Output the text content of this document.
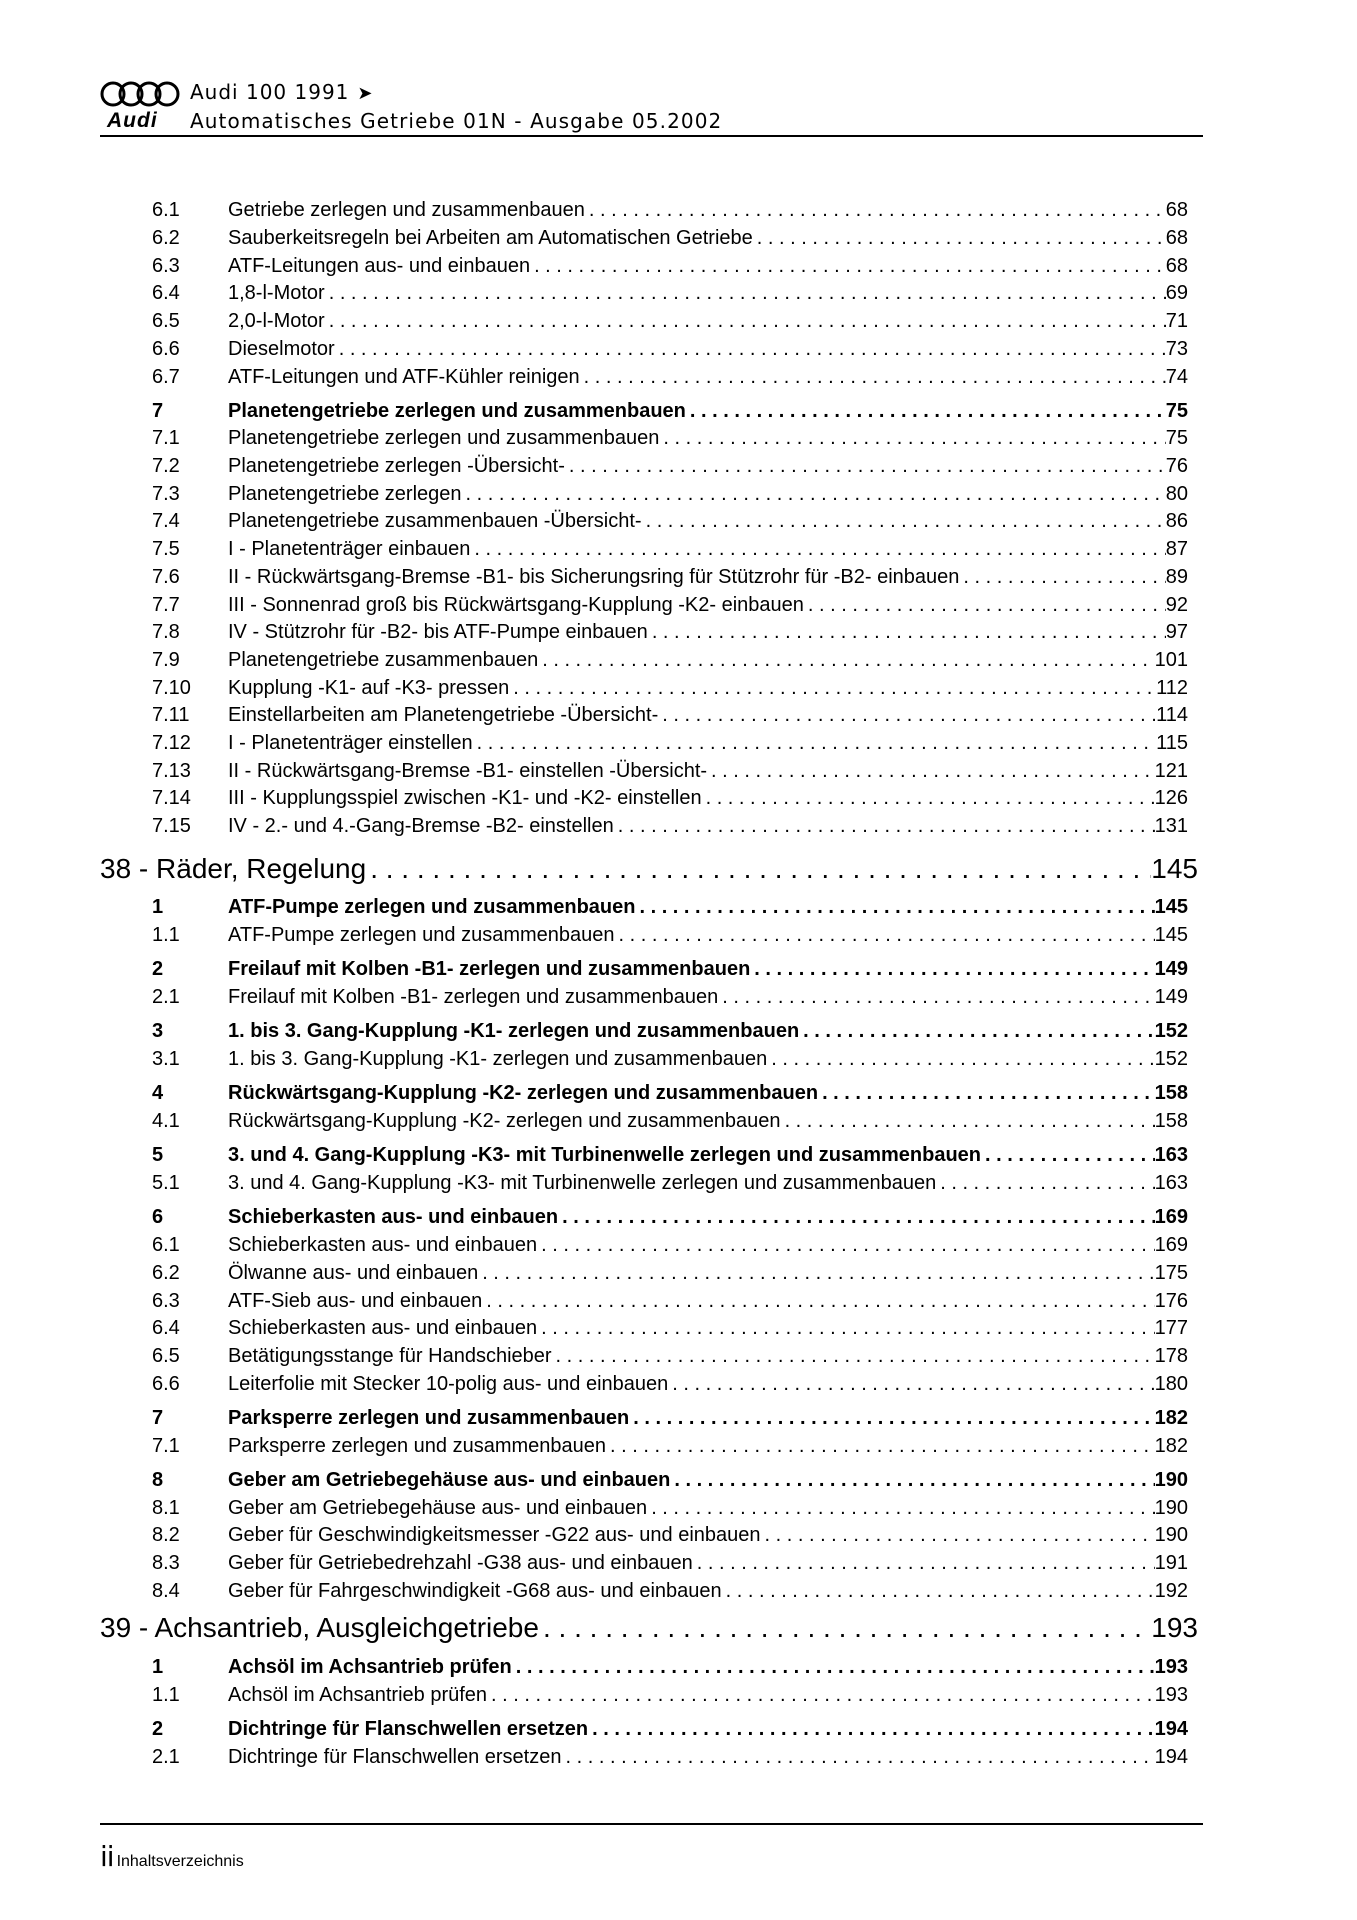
Audi
Audi 100 1991 ➤
Automatisches Getriebe 01N - Ausgabe 05.2002
6.1 Getriebe zerlegen und zusammenbauen . . .	68
6.2 Sauberkeitsregeln bei Arbeiten am Automatischen Getriebe . . .	68
6.3 ATF-Leitungen aus- und einbauen . . .	68
6.4 1,8-l-Motor . . .	69
6.5 2,0-l-Motor . . .	71
6.6 Dieselmotor . . .	73
6.7 ATF-Leitungen und ATF-Kühler reinigen . . .	74
7	Planetengetriebe zerlegen und zusammenbauen . . .	75
7.1 Planetengetriebe zerlegen und zusammenbauen . . .	75
7.2 Planetengetriebe zerlegen -Übersicht- . . .	76
7.3 Planetengetriebe zerlegen . . .	80
7.4 Planetengetriebe zusammenbauen -Übersicht- . . .	86
7.5 I - Planetenträger einbauen . . .	87
7.6 II - Rückwärtsgang-Bremse -B1- bis Sicherungsring für Stützrohr für -B2- einbauen . . .	89
7.7 III - Sonnenrad groß bis Rückwärtsgang-Kupplung -K2- einbauen . . .	92
7.8 IV - Stützrohr für -B2- bis ATF-Pumpe einbauen . . .	97
7.9 Planetengetriebe zusammenbauen . . .	101
7.10 Kupplung -K1- auf -K3- pressen . . .	112
7.11 Einstellarbeiten am Planetengetriebe -Übersicht- . . .	114
7.12 I - Planetenträger einstellen . . .	115
7.13 II - Rückwärtsgang-Bremse -B1- einstellen -Übersicht- . . .	121
7.14 III - Kupplungsspiel zwischen -K1- und -K2- einstellen . . .	126
7.15 IV - 2.- und 4.-Gang-Bremse -B2- einstellen . . .	131
38 - Räder, Regelung . . .	145
1	ATF-Pumpe zerlegen und zusammenbauen . . .	145
1.1 ATF-Pumpe zerlegen und zusammenbauen . . .	145
2	Freilauf mit Kolben -B1- zerlegen und zusammenbauen . . .	149
2.1 Freilauf mit Kolben -B1- zerlegen und zusammenbauen . . .	149
3	1. bis 3. Gang-Kupplung -K1- zerlegen und zusammenbauen . . .	152
3.1 1. bis 3. Gang-Kupplung -K1- zerlegen und zusammenbauen . . .	152
4	Rückwärtsgang-Kupplung -K2- zerlegen und zusammenbauen . . .	158
4.1 Rückwärtsgang-Kupplung -K2- zerlegen und zusammenbauen . . .	158
5	3. und 4. Gang-Kupplung -K3- mit Turbinenwelle zerlegen und zusammenbauen . . .	163
5.1 3. und 4. Gang-Kupplung -K3- mit Turbinenwelle zerlegen und zusammenbauen . . .	163
6	Schieberkasten aus- und einbauen . . .	169
6.1 Schieberkasten aus- und einbauen . . .	169
6.2 Ölwanne aus- und einbauen . . .	175
6.3 ATF-Sieb aus- und einbauen . . .	176
6.4 Schieberkasten aus- und einbauen . . .	177
6.5 Betätigungsstange für Handschieber . . .	178
6.6 Leiterfolie mit Stecker 10-polig aus- und einbauen . . .	180
7	Parksperre zerlegen und zusammenbauen . . .	182
7.1 Parksperre zerlegen und zusammenbauen . . .	182
8	Geber am Getriebegehäuse aus- und einbauen . . .	190
8.1 Geber am Getriebegehäuse aus- und einbauen . . .	190
8.2 Geber für Geschwindigkeitsmesser -G22 aus- und einbauen . . .	190
8.3 Geber für Getriebedrehzahl -G38 aus- und einbauen . . .	191
8.4 Geber für Fahrgeschwindigkeit -G68 aus- und einbauen . . .	192
39 - Achsantrieb, Ausgleichgetriebe . . .	193
1	Achsöl im Achsantrieb prüfen . . .	193
1.1 Achsöl im Achsantrieb prüfen . . .	193
2	Dichtringe für Flanschwellen ersetzen . . .	194
2.1 Dichtringe für Flanschwellen ersetzen . . .	194
ii Inhaltsverzeichnis
